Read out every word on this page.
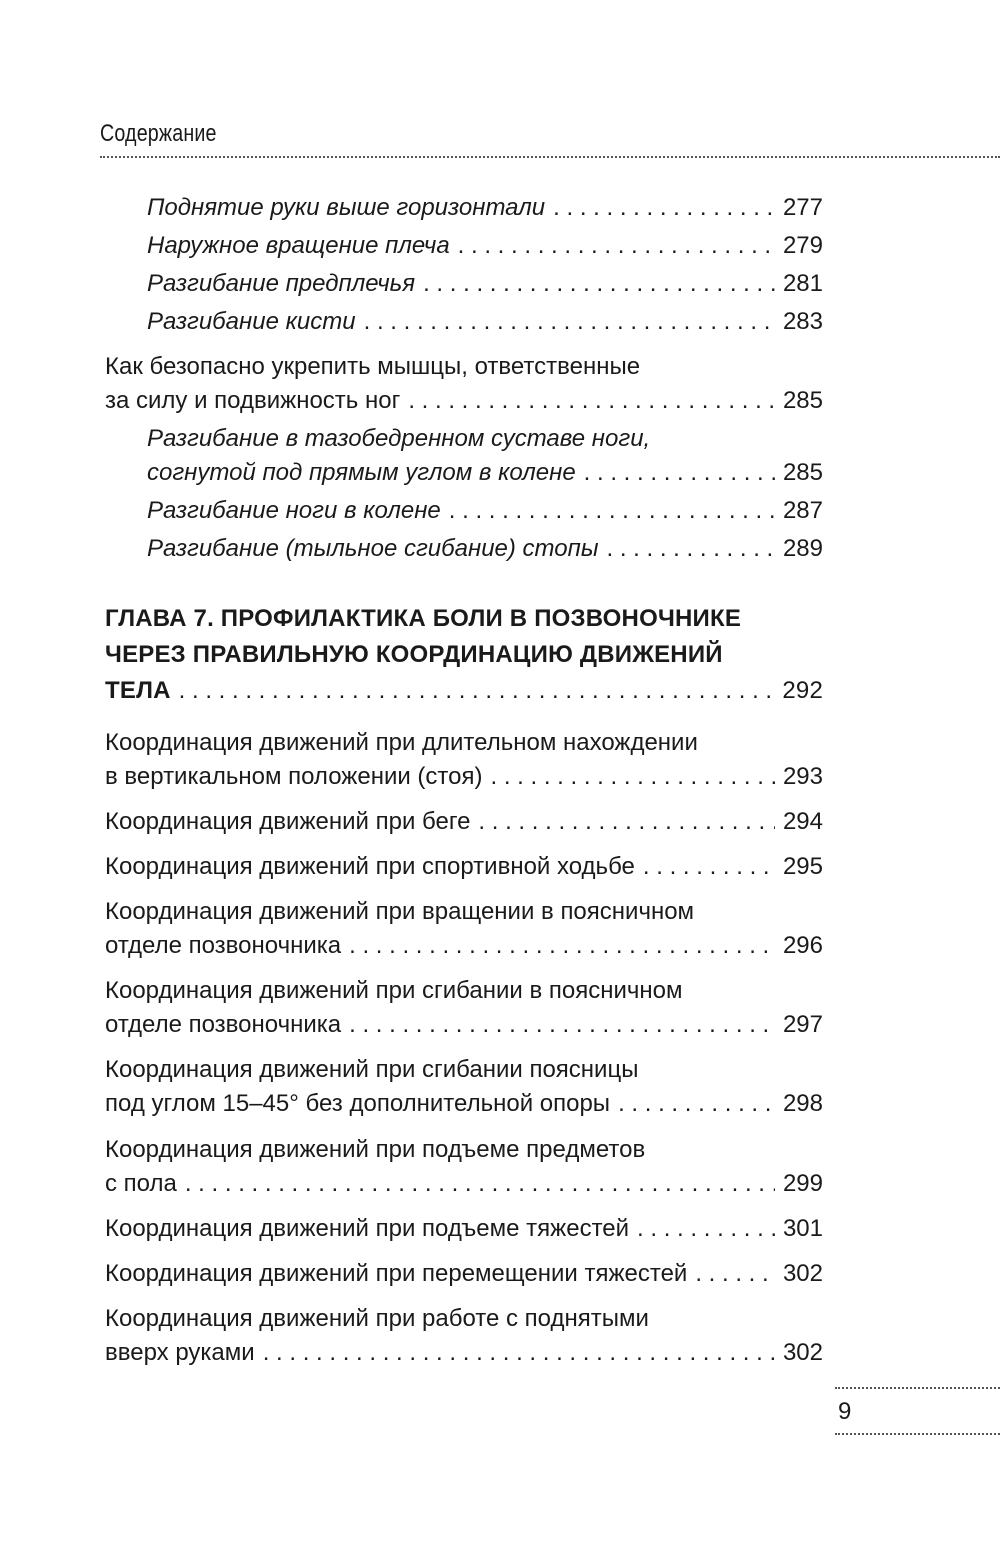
Содержание
Поднятие руки выше горизонтали . . .	277
Наружное вращение плеча . . .	279
Разгибание предплечья . . .	281
Разгибание кисти . . .	283
Как безопасно укрепить мышцы, ответственные
за силу и подвижность ног . . .	285
Разгибание в тазобедренном суставе ноги,
согнутой под прямым углом в колене . . .	285
Разгибание ноги в колене . . .	287
Разгибание (тыльное сгибание) стопы . . .	289
ГЛАВА 7. ПРОФИЛАКТИКА БОЛИ В ПОЗВОНОЧНИКЕ
ЧЕРЕЗ ПРАВИЛЬНУЮ КООРДИНАЦИЮ ДВИЖЕНИЙ
ТЕЛА . . .	292
Координация движений при длительном нахождении
в вертикальном положении (стоя) . . .	293
Координация движений при беге . . .	294
Координация движений при спортивной ходьбе . . .	295
Координация движений при вращении в поясничном
отделе позвоночника . . .	296
Координация движений при сгибании в поясничном
отделе позвоночника . . .	297
Координация движений при сгибании поясницы
под углом 15–45° без дополнительной опоры . . .	298
Координация движений при подъеме предметов
с пола . . .	299
Координация движений при подъеме тяжестей . . .	301
Координация движений при перемещении тяжестей . . .	302
Координация движений при работе с поднятыми
вверх руками . . .	302
9
